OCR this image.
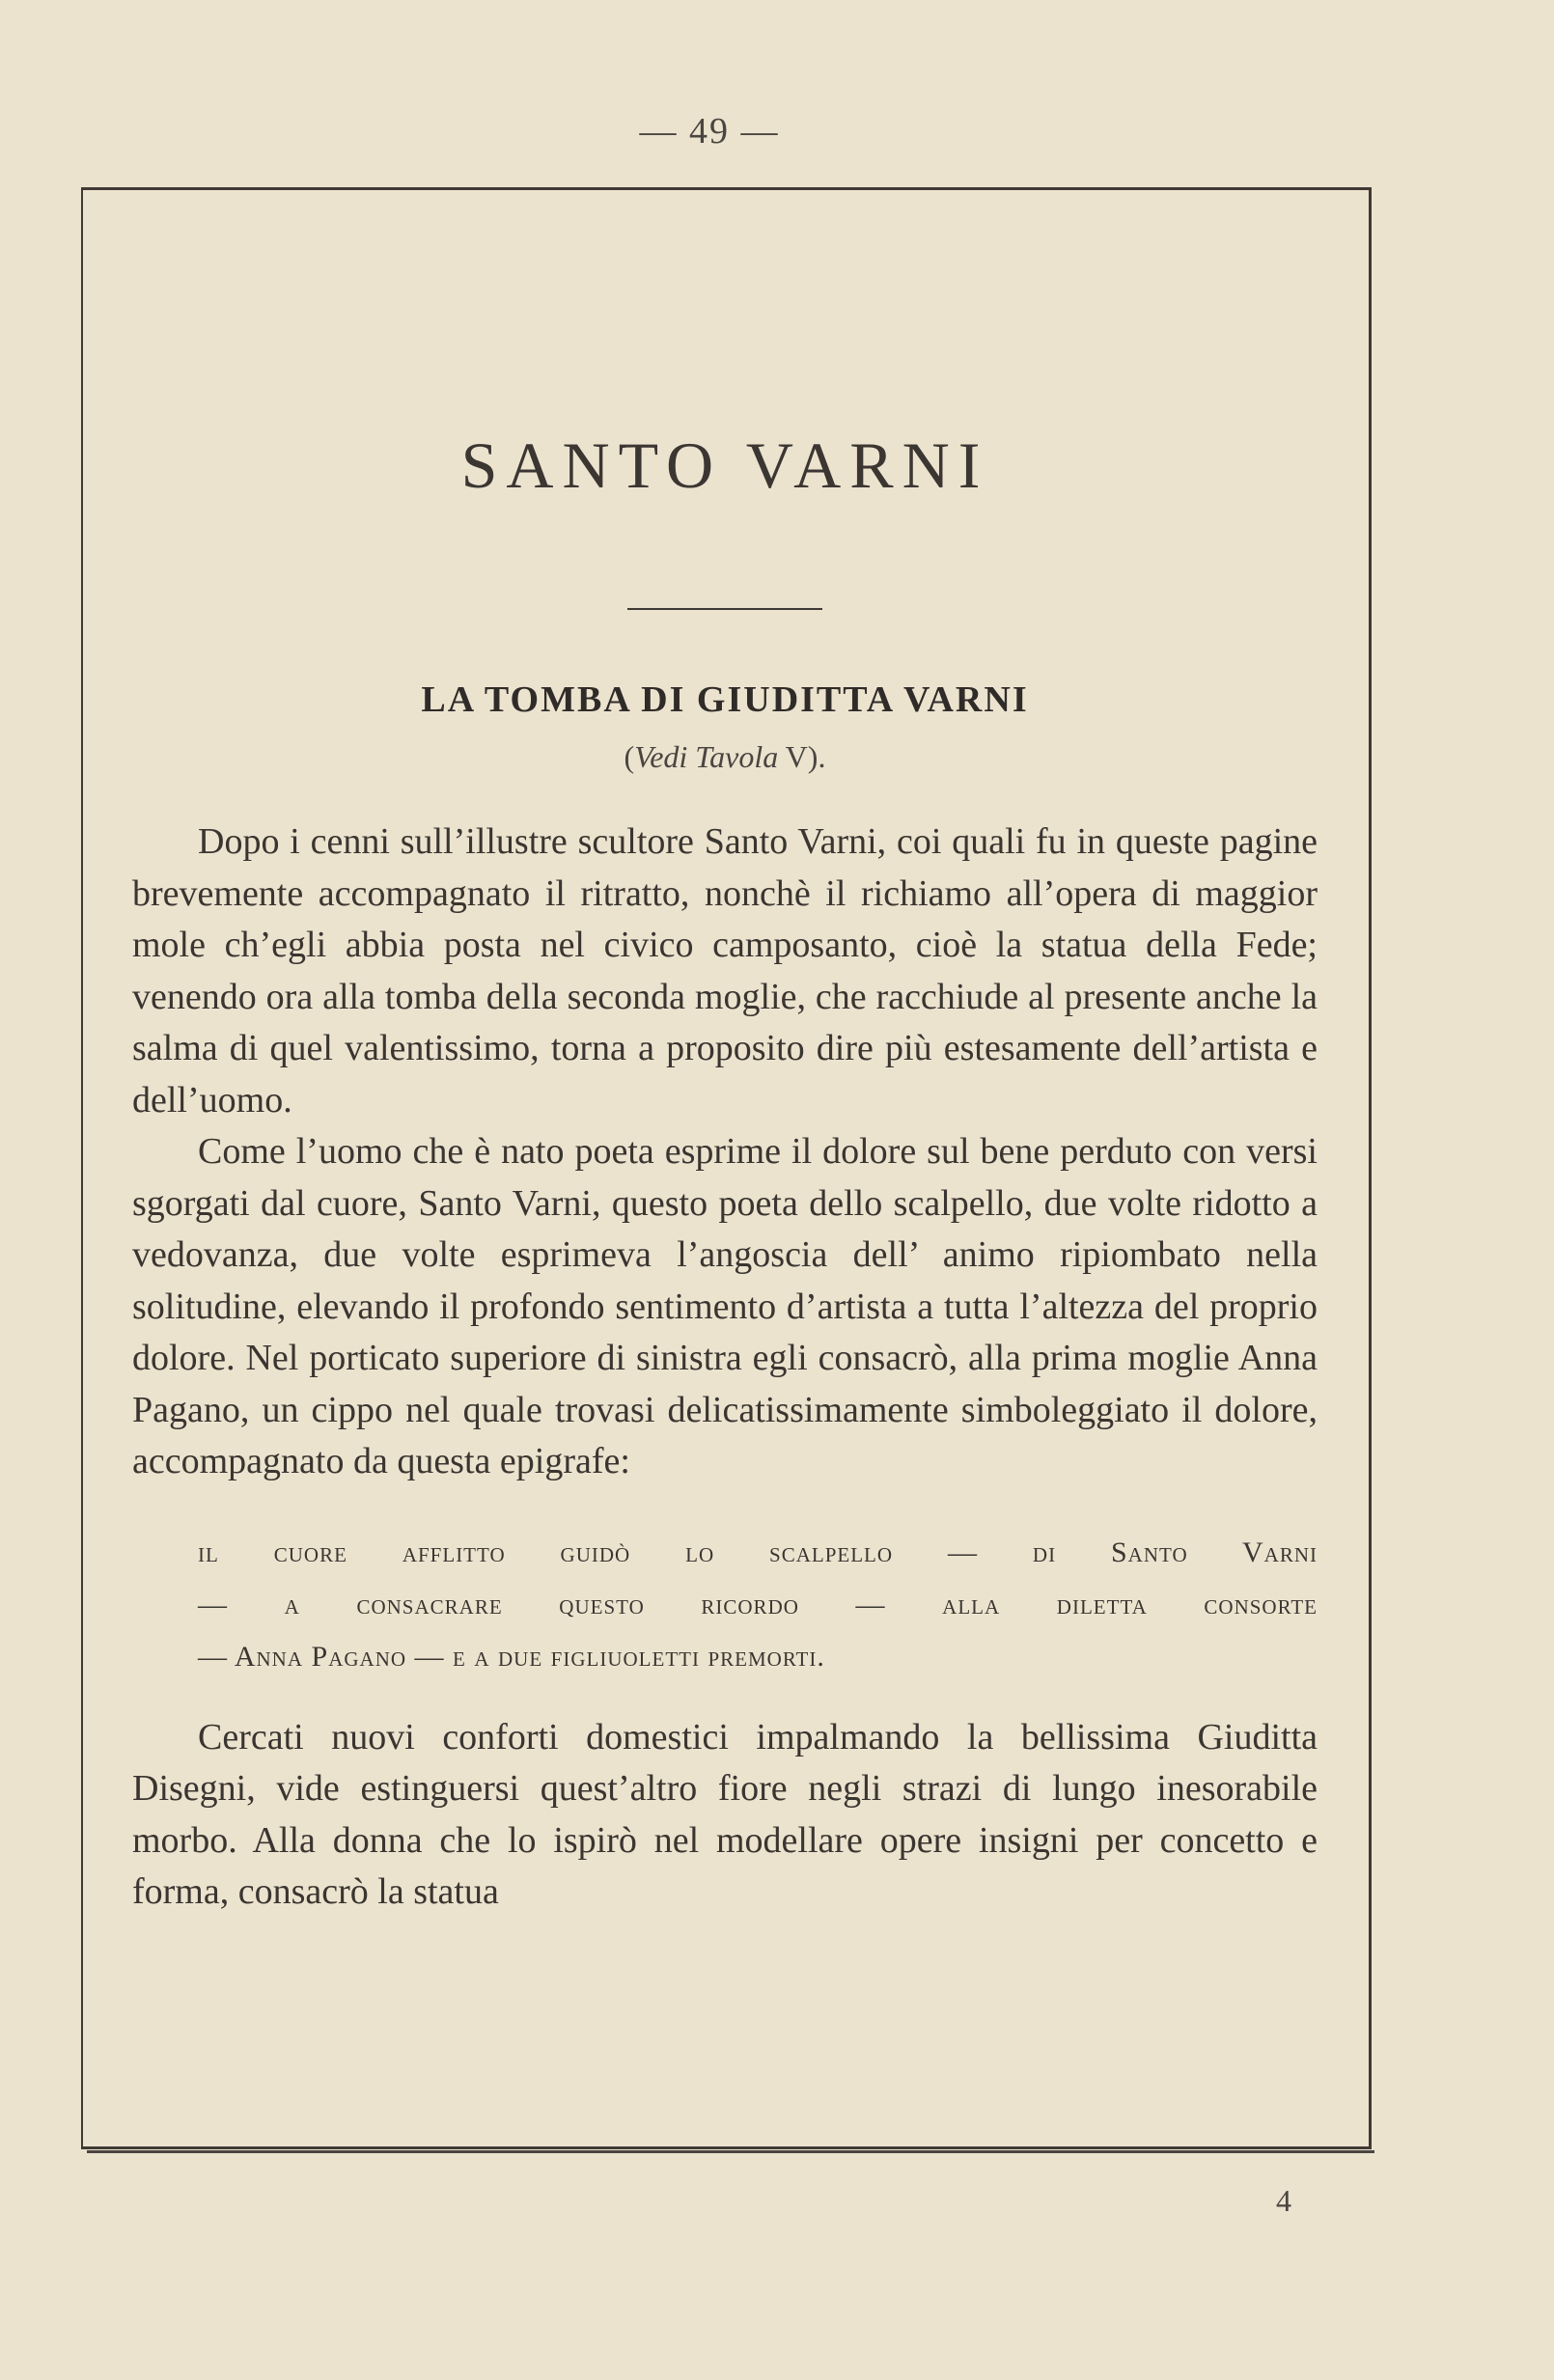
— 49 —
SANTO VARNI
LA TOMBA DI GIUDITTA VARNI
(Vedi Tavola V).

Dopo i cenni sull’illustre scultore Santo Varni, coi quali fu in queste pagine brevemente accompagnato il ritratto, nonchè il richiamo all’opera di maggior mole ch’egli abbia posta nel civico camposanto, cioè la statua della Fede; venendo ora alla tomba della seconda moglie, che racchiude al presente anche la salma di quel valentissimo, torna a proposito dire più estesamente dell’artista e dell’uomo.

Come l’uomo che è nato poeta esprime il dolore sul bene perduto con versi sgorgati dal cuore, Santo Varni, questo poeta dello scalpello, due volte ridotto a vedovanza, due volte esprimeva l’angoscia dell’ animo ripiombato nella solitudine, elevando il profondo sentimento d’artista a tutta l’altezza del proprio dolore. Nel porticato superiore di sinistra egli consacrò, alla prima moglie Anna Pagano, un cippo nel quale trovasi delicatissimamente simboleggiato il dolore, accompagnato da questa epigrafe:

il cuore afflitto guidò lo scalpello — di Santo Varni
— a consacrare questo ricordo — alla diletta consorte
— Anna Pagano — e a due figliuoletti premorti.

Cercati nuovi conforti domestici impalmando la bellissima Giuditta Disegni, vide estinguersi quest’altro fiore negli strazi di lungo inesorabile morbo. Alla donna che lo ispirò nel modellare opere insigni per concetto e forma, consacrò la statua

4
